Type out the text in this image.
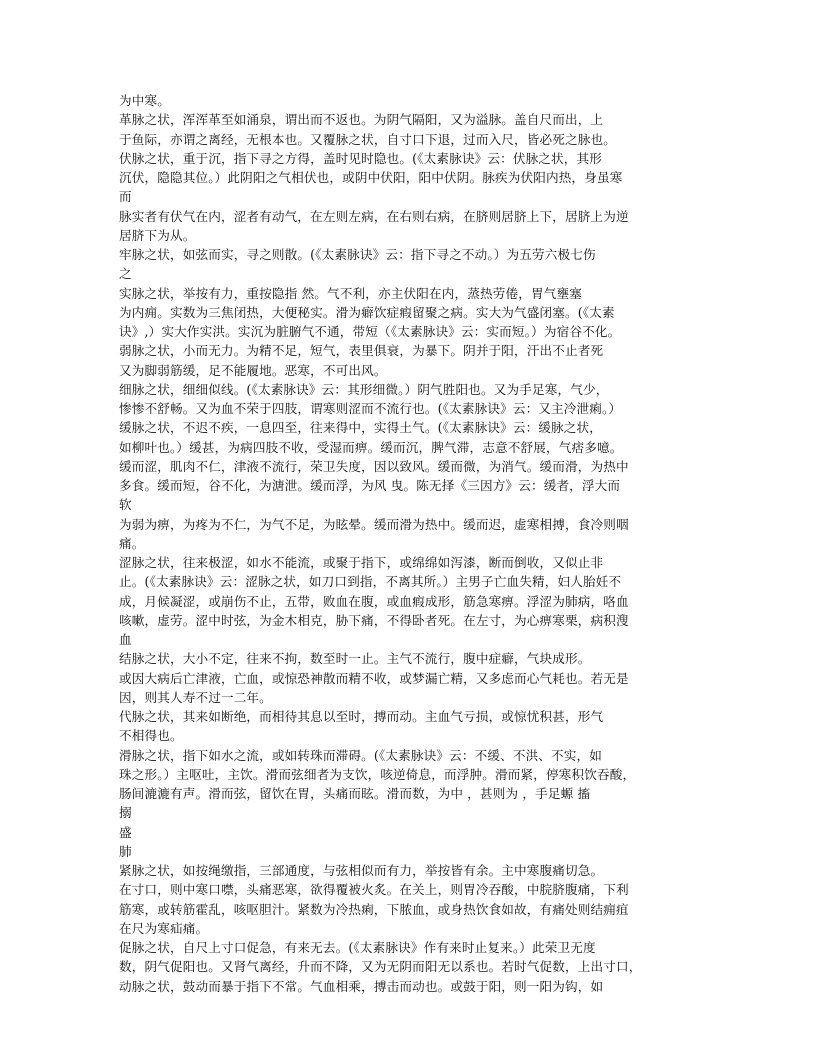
为中寒。
革脉之状，浑浑革至如涌泉，谓出而不返也。为阴气隔阳，又为溢脉。盖自尺而出，上
于鱼际，亦谓之离经，无根本也。又覆脉之状，自寸口下退，过而入尺，皆必死之脉也。
伏脉之状，重于沉，指下寻之方得，盖时见时隐也。(《太素脉诀》云：伏脉之状，其形
沉伏，隐隐其位。）此阴阳之气相伏也，或阴中伏阳，阳中伏阴。脉疾为伏阳内热，身虽寒
而
脉实者有伏气在内，涩者有动气，在左则左病，在右则右病，在脐则居脐上下，居脐上为逆
居脐下为从。
牢脉之状，如弦而实，寻之则散。(《太素脉诀》云：指下寻之不动。）为五劳六极七伤
之
实脉之状，举按有力，重按隐指 然。气不利，亦主伏阳在内，蒸热劳倦，胃气壅塞
为内痈。实数为三焦闭热，大便秘实。滑为癖饮症瘕留聚之病。实大为气盛闭塞。(《太素
诀》,）实大作实洪。实沉为脏腑气不通，带短（《太素脉诀》云：实而短。）为宿谷不化。
弱脉之状，小而无力。为精不足，短气，表里俱衰，为暴下。阴并于阳，汗出不止者死
又为脚弱筋缓，足不能履地。恶寒，不可出风。
细脉之状，细细似线。(《太素脉诀》云：其形细微。）阴气胜阳也。又为手足寒，气少，
惨惨不舒畅。又为血不荣于四肢，谓寒则涩而不流行也。(《太素脉诀》云：又主冷泄痢。）
缓脉之状，不迟不疾，一息四至，往来得中，实得土气。(《太素脉诀》云：缓脉之状，
如柳叶也。）缓甚，为病四肢不收，受湿而痹。缓而沉，脾气滞，志意不舒展，气痞多噫。
缓而涩，肌肉不仁，津液不流行，荣卫失度，因以致风。缓而微，为消气。缓而滑，为热中
多食。缓而短，谷不化，为溏泄。缓而浮，为风 曳。陈无择《三因方》云：缓者，浮大而
软
为弱为痹，为疼为不仁，为气不足，为眩晕。缓而滑为热中。缓而迟，虚寒相搏，食冷则咽
痛。
涩脉之状，往来极涩，如水不能流，或聚于指下，或绵绵如泻漆，断而倒收，又似止非
止。(《太素脉诀》云：涩脉之状，如刀口到指，不离其所。）主男子亡血失精，妇人胎妊不
成，月候凝涩，或崩伤不止，五带，败血在腹，或血瘕成形，筋急寒痹。浮涩为肺病，咯血
咳嗽，虚劳。涩中时弦，为金木相克，胁下痛，不得卧者死。在左寸，为心痹寒栗，病积溲
血
结脉之状，大小不定，往来不拘，数至时一止。主气不流行，腹中症癖，气块成形。
或因大病后亡津液，亡血，或惊恐神散而精不收，或梦漏亡精，又多虑而心气耗也。若无是
因，则其人寿不过一二年。
代脉之状，其来如断绝，而相待其息以至时，搏而动。主血气亏损，或惊忧积甚，形气
不相得也。
滑脉之状，指下如水之流，或如转珠而滞碍。(《太素脉诀》云：不缓、不洪、不实，如
珠之形。）主呕吐，主饮。滑而弦细者为支饮，咳逆倚息，而浮肿。滑而紧，停寒积饮吞酸，
肠间漉漉有声。滑而弦，留饮在胃，头痛而眩。滑而数，为中 ，甚则为 ，手足螈 搐
搦
盛
肺
紧脉之状，如按绳缴指，三部通度，与弦相似而有力，举按皆有余。主中寒腹痛切急。
在寸口，则中寒口噤，头痛恶寒，欲得覆被火炙。在关上，则胃冷吞酸，中脘脐腹痛，下利
筋寒，或转筋霍乱，咳呕胆汁。紧数为冷热痢，下脓血，或身热饮食如故，有痛处则结痈疽
在尺为寒疝痛。
促脉之状，自尺上寸口促急，有来无去。(《太素脉诀》作有来时止复来。）此荣卫无度
数，阴气促阳也。又肾气离经，升而不降，又为无阴而阳无以系也。若时气促数，上出寸口，
动脉之状，鼓动而暴于指下不常。气血相乘，搏击而动也。或鼓于阳，则一阳为钩，如
